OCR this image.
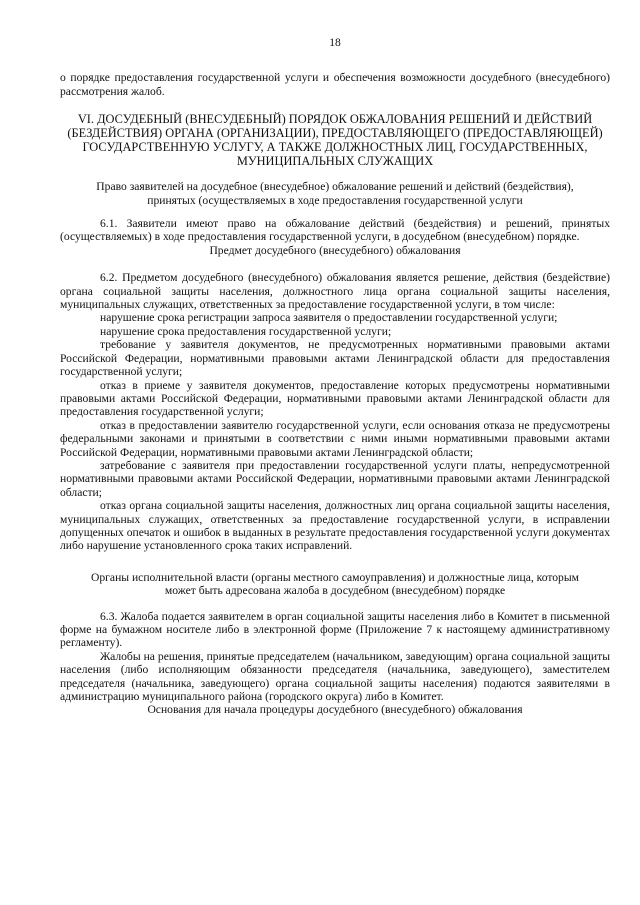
18

о порядке предоставления государственной услуги и обеспечения возможности досудебного (внесудебного) рассмотрения жалоб.

VI. ДОСУДЕБНЫЙ (ВНЕСУДЕБНЫЙ) ПОРЯДОК ОБЖАЛОВАНИЯ РЕШЕНИЙ И ДЕЙСТВИЙ (БЕЗДЕЙСТВИЯ) ОРГАНА (ОРГАНИЗАЦИИ), ПРЕДОСТАВЛЯЮЩЕГО (ПРЕДОСТАВЛЯЮЩЕЙ) ГОСУДАРСТВЕННУЮ УСЛУГУ, А ТАКЖЕ ДОЛЖНОСТНЫХ ЛИЦ, ГОСУДАРСТВЕННЫХ, МУНИЦИПАЛЬНЫХ СЛУЖАЩИХ
Право заявителей на досудебное (внесудебное) обжалование решений и действий (бездействия), принятых (осуществляемых в ходе предоставления государственной услуги

6.1. Заявители имеют право на обжалование действий (бездействия) и решений, принятых (осуществляемых) в ходе предоставления государственной услуги, в досудебном (внесудебном) порядке.

Предмет досудебного (внесудебного) обжалования

6.2. Предметом досудебного (внесудебного) обжалования является решение, действия (бездействие) органа социальной защиты населения, должностного лица органа социальной защиты населения, муниципальных служащих, ответственных за предоставление государственной услуги, в том числе:

нарушение срока регистрации запроса заявителя о предоставлении государственной услуги;

нарушение срока предоставления государственной услуги;

требование у заявителя документов, не предусмотренных нормативными правовыми актами Российской Федерации, нормативными правовыми актами Ленинградской области для предоставления государственной услуги;

отказ в приеме у заявителя документов, предоставление которых предусмотрены нормативными правовыми актами Российской Федерации, нормативными правовыми актами Ленинградской области для предоставления государственной услуги;

отказ в предоставлении заявителю государственной услуги, если основания отказа не предусмотрены федеральными законами и принятыми в соответствии с ними иными нормативными правовыми актами Российской Федерации, нормативными правовыми актами Ленинградской области;

затребование с заявителя при предоставлении государственной услуги платы, непредусмотренной нормативными правовыми актами Российской Федерации, нормативными правовыми актами Ленинградской области;

отказ органа социальной защиты населения, должностных лиц органа социальной защиты населения, муниципальных служащих, ответственных за предоставление государственной услуги, в исправлении допущенных опечаток и ошибок в выданных в результате предоставления государственной услуги документах либо нарушение установленного срока таких исправлений.

Органы исполнительной власти (органы местного самоуправления) и должностные лица, которым может быть адресована жалоба в досудебном (внесудебном) порядке

6.3. Жалоба подается заявителем в орган социальной защиты населения либо в Комитет в письменной форме на бумажном носителе либо в электронной форме (Приложение 7 к настоящему административному регламенту).

Жалобы на решения, принятые председателем (начальником, заведующим) органа социальной защиты населения (либо исполняющим обязанности председателя (начальника, заведующего), заместителем председателя (начальника, заведующего) органа социальной защиты населения) подаются заявителями в администрацию муниципального района (городского округа) либо в Комитет.

Основания для начала процедуры досудебного (внесудебного) обжалования
